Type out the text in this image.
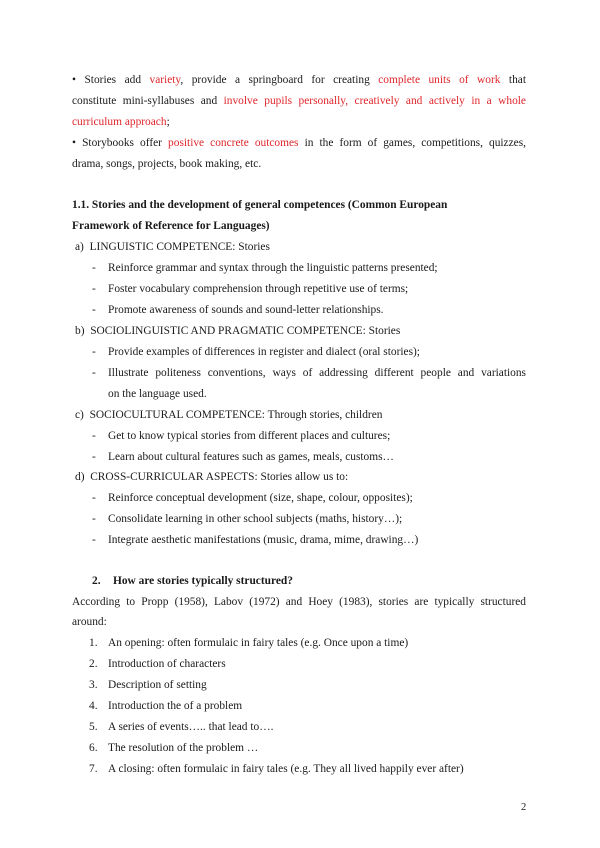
• Stories add variety, provide a springboard for creating complete units of work that
constitute mini-syllabuses and involve pupils personally, creatively and actively in a whole
curriculum approach;
• Storybooks offer positive concrete outcomes in the form of games, competitions, quizzes,
drama, songs, projects, book making, etc.
1.1. Stories and the development of general competences (Common European
Framework of Reference for Languages)
a) LINGUISTIC COMPETENCE: Stories
- Reinforce grammar and syntax through the linguistic patterns presented;
- Foster vocabulary comprehension through repetitive use of terms;
- Promote awareness of sounds and sound-letter relationships.
b) SOCIOLINGUISTIC AND PRAGMATIC COMPETENCE: Stories
- Provide examples of differences in register and dialect (oral stories);
- Illustrate politeness conventions, ways of addressing different people and variations
on the language used.
c) SOCIOCULTURAL COMPETENCE: Through stories, children
- Get to know typical stories from different places and cultures;
- Learn about cultural features such as games, meals, customs…
d) CROSS-CURRICULAR ASPECTS: Stories allow us to:
- Reinforce conceptual development (size, shape, colour, opposites);
- Consolidate learning in other school subjects (maths, history…);
- Integrate aesthetic manifestations (music, drama, mime, drawing…)
2. How are stories typically structured?
According to Propp (1958), Labov (1972) and Hoey (1983), stories are typically structured
around:
1. An opening: often formulaic in fairy tales (e.g. Once upon a time)
2. Introduction of characters
3. Description of setting
4. Introduction the of a problem
5. A series of events….. that lead to….
6. The resolution of the problem …
7. A closing: often formulaic in fairy tales (e.g. They all lived happily ever after)
2
